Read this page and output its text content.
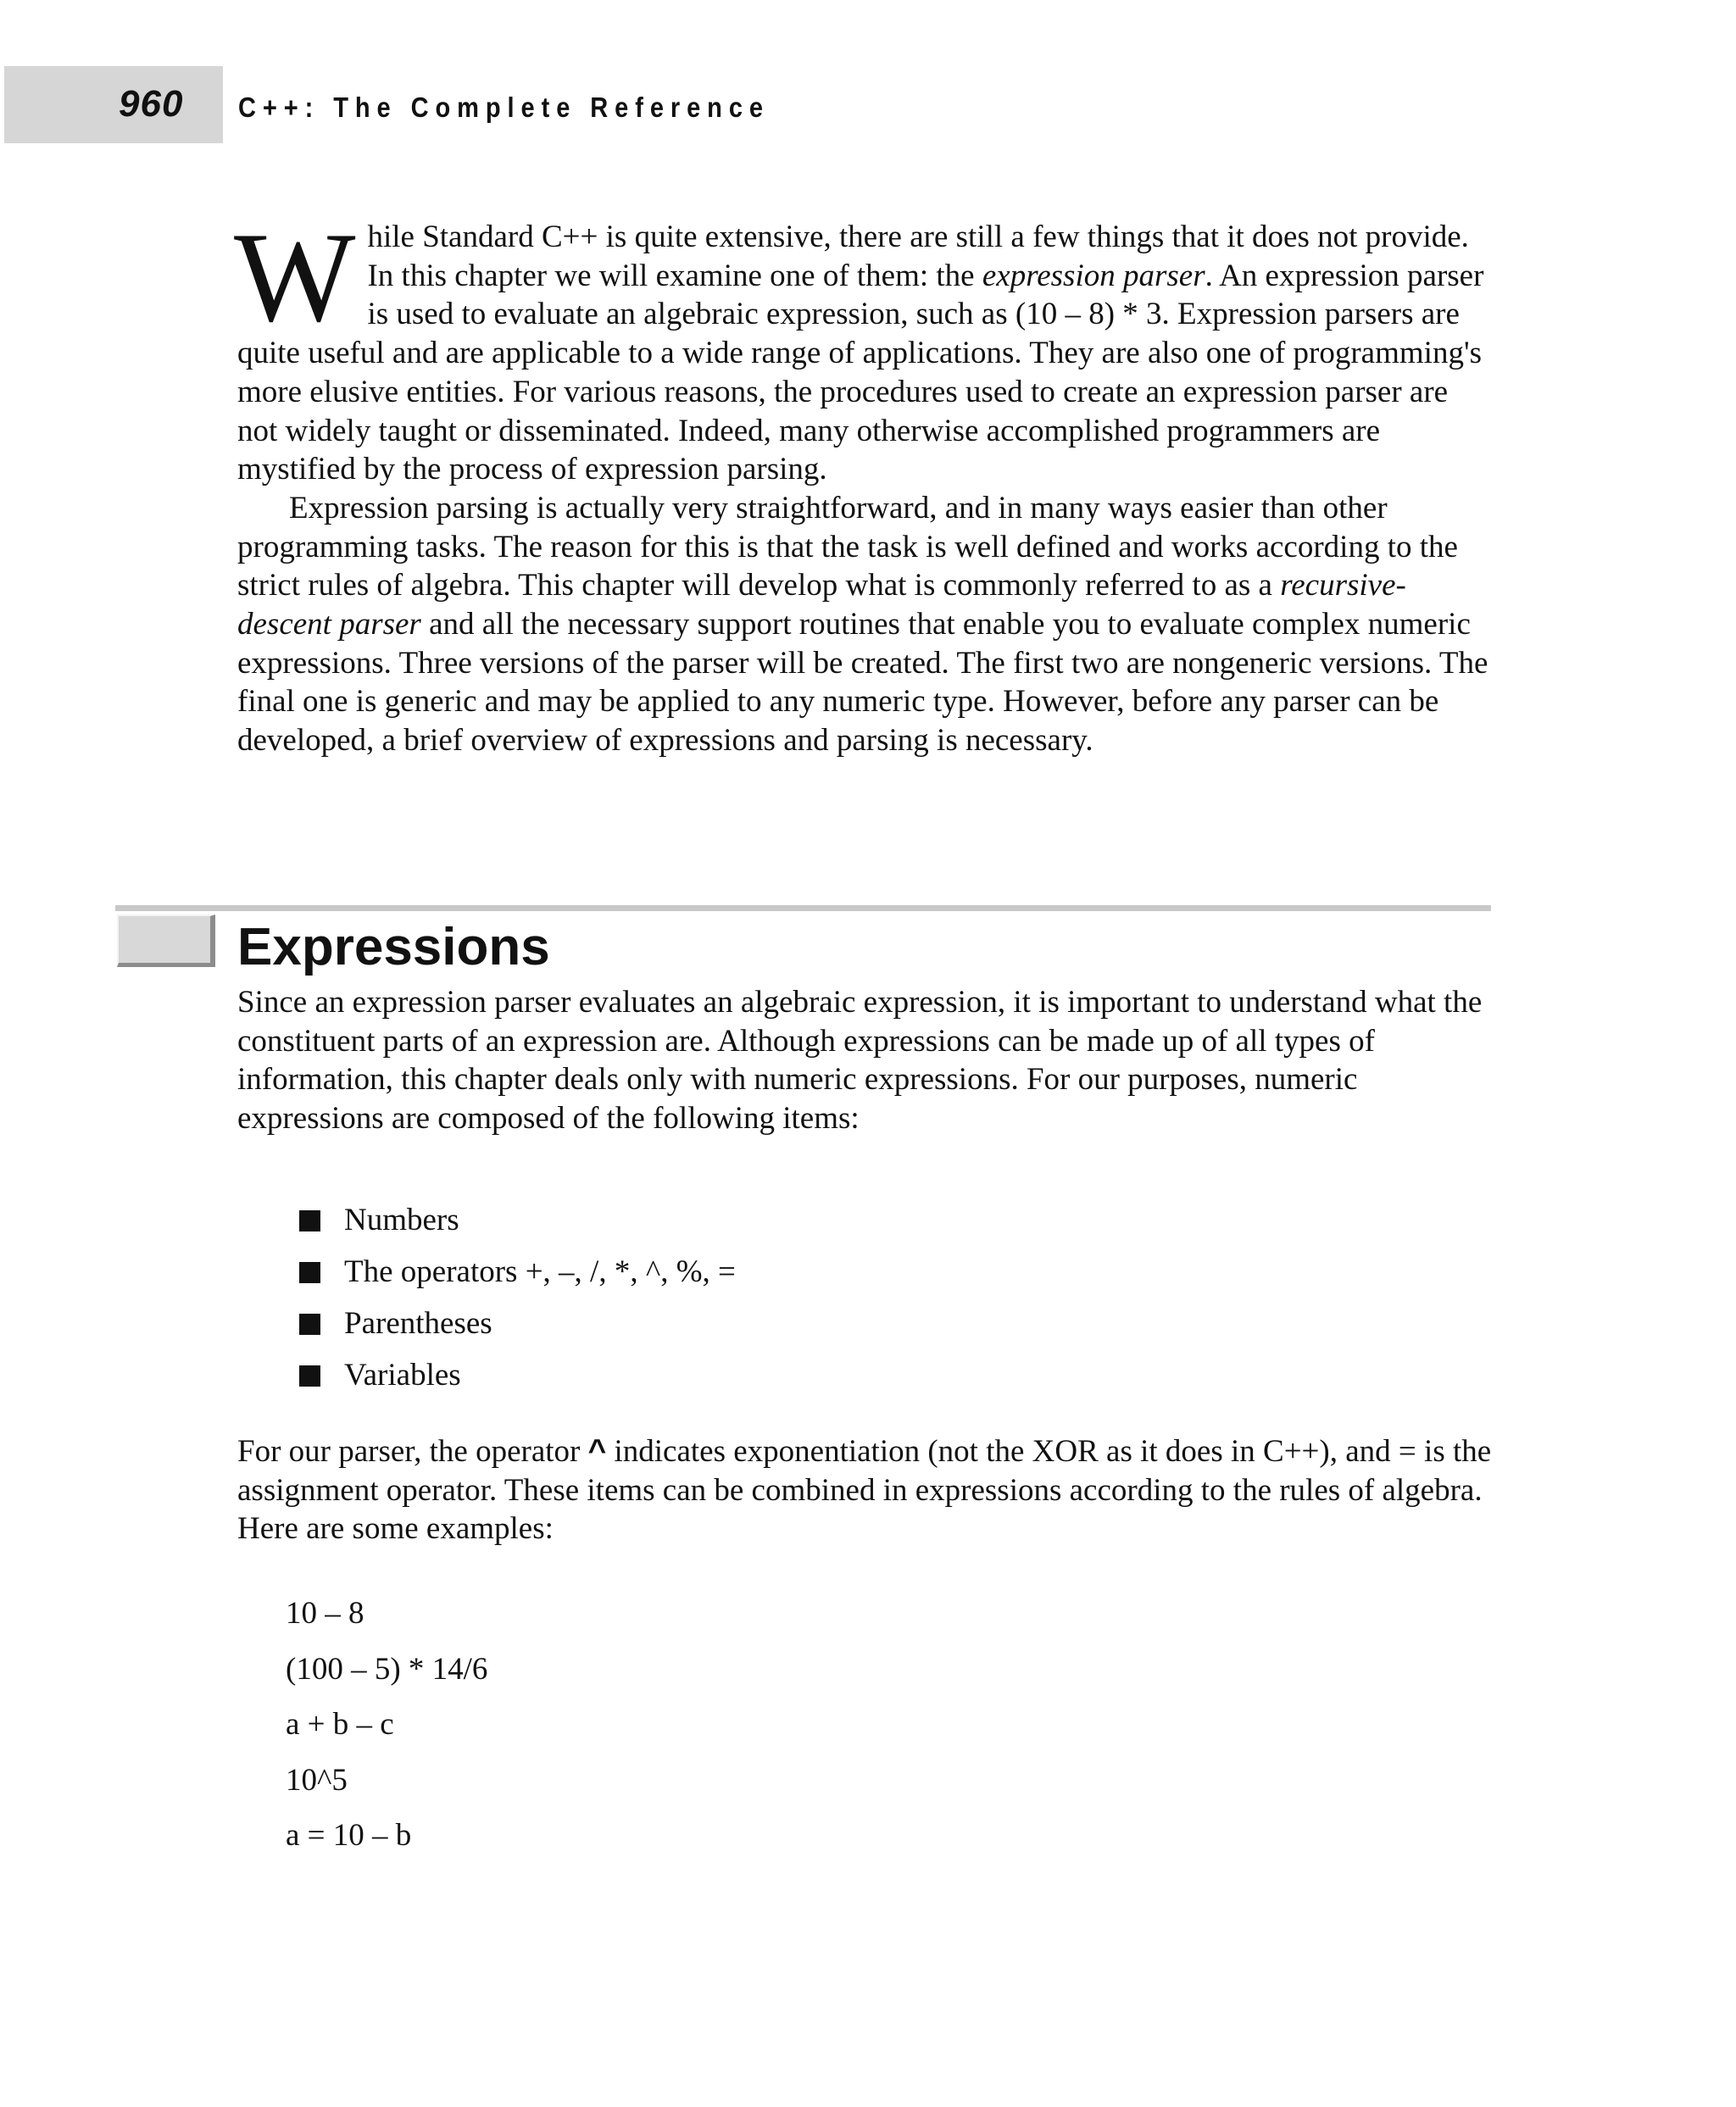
960 C++: The Complete Reference

While Standard C++ is quite extensive, there are still a few things that it does not provide. In this chapter we will examine one of them: the expression parser. An expression parser is used to evaluate an algebraic expression, such as (10 – 8) * 3. Expression parsers are quite useful and are applicable to a wide range of applications. They are also one of programming's more elusive entities. For various reasons, the procedures used to create an expression parser are not widely taught or disseminated. Indeed, many otherwise accomplished programmers are mystified by the process of expression parsing.

Expression parsing is actually very straightforward, and in many ways easier than other programming tasks. The reason for this is that the task is well defined and works according to the strict rules of algebra. This chapter will develop what is commonly referred to as a recursive-descent parser and all the necessary support routines that enable you to evaluate complex numeric expressions. Three versions of the parser will be created. The first two are nongeneric versions. The final one is generic and may be applied to any numeric type. However, before any parser can be developed, a brief overview of expressions and parsing is necessary.

Expressions

Since an expression parser evaluates an algebraic expression, it is important to understand what the constituent parts of an expression are. Although expressions can be made up of all types of information, this chapter deals only with numeric expressions. For our purposes, numeric expressions are composed of the following items:

Numbers
The operators +, –, /, *, ^, %, =
Parentheses
Variables

For our parser, the operator ^ indicates exponentiation (not the XOR as it does in C++), and = is the assignment operator. These items can be combined in expressions according to the rules of algebra. Here are some examples:

10 – 8
(100 – 5) * 14/6
a + b – c
10^5
a = 10 – b
